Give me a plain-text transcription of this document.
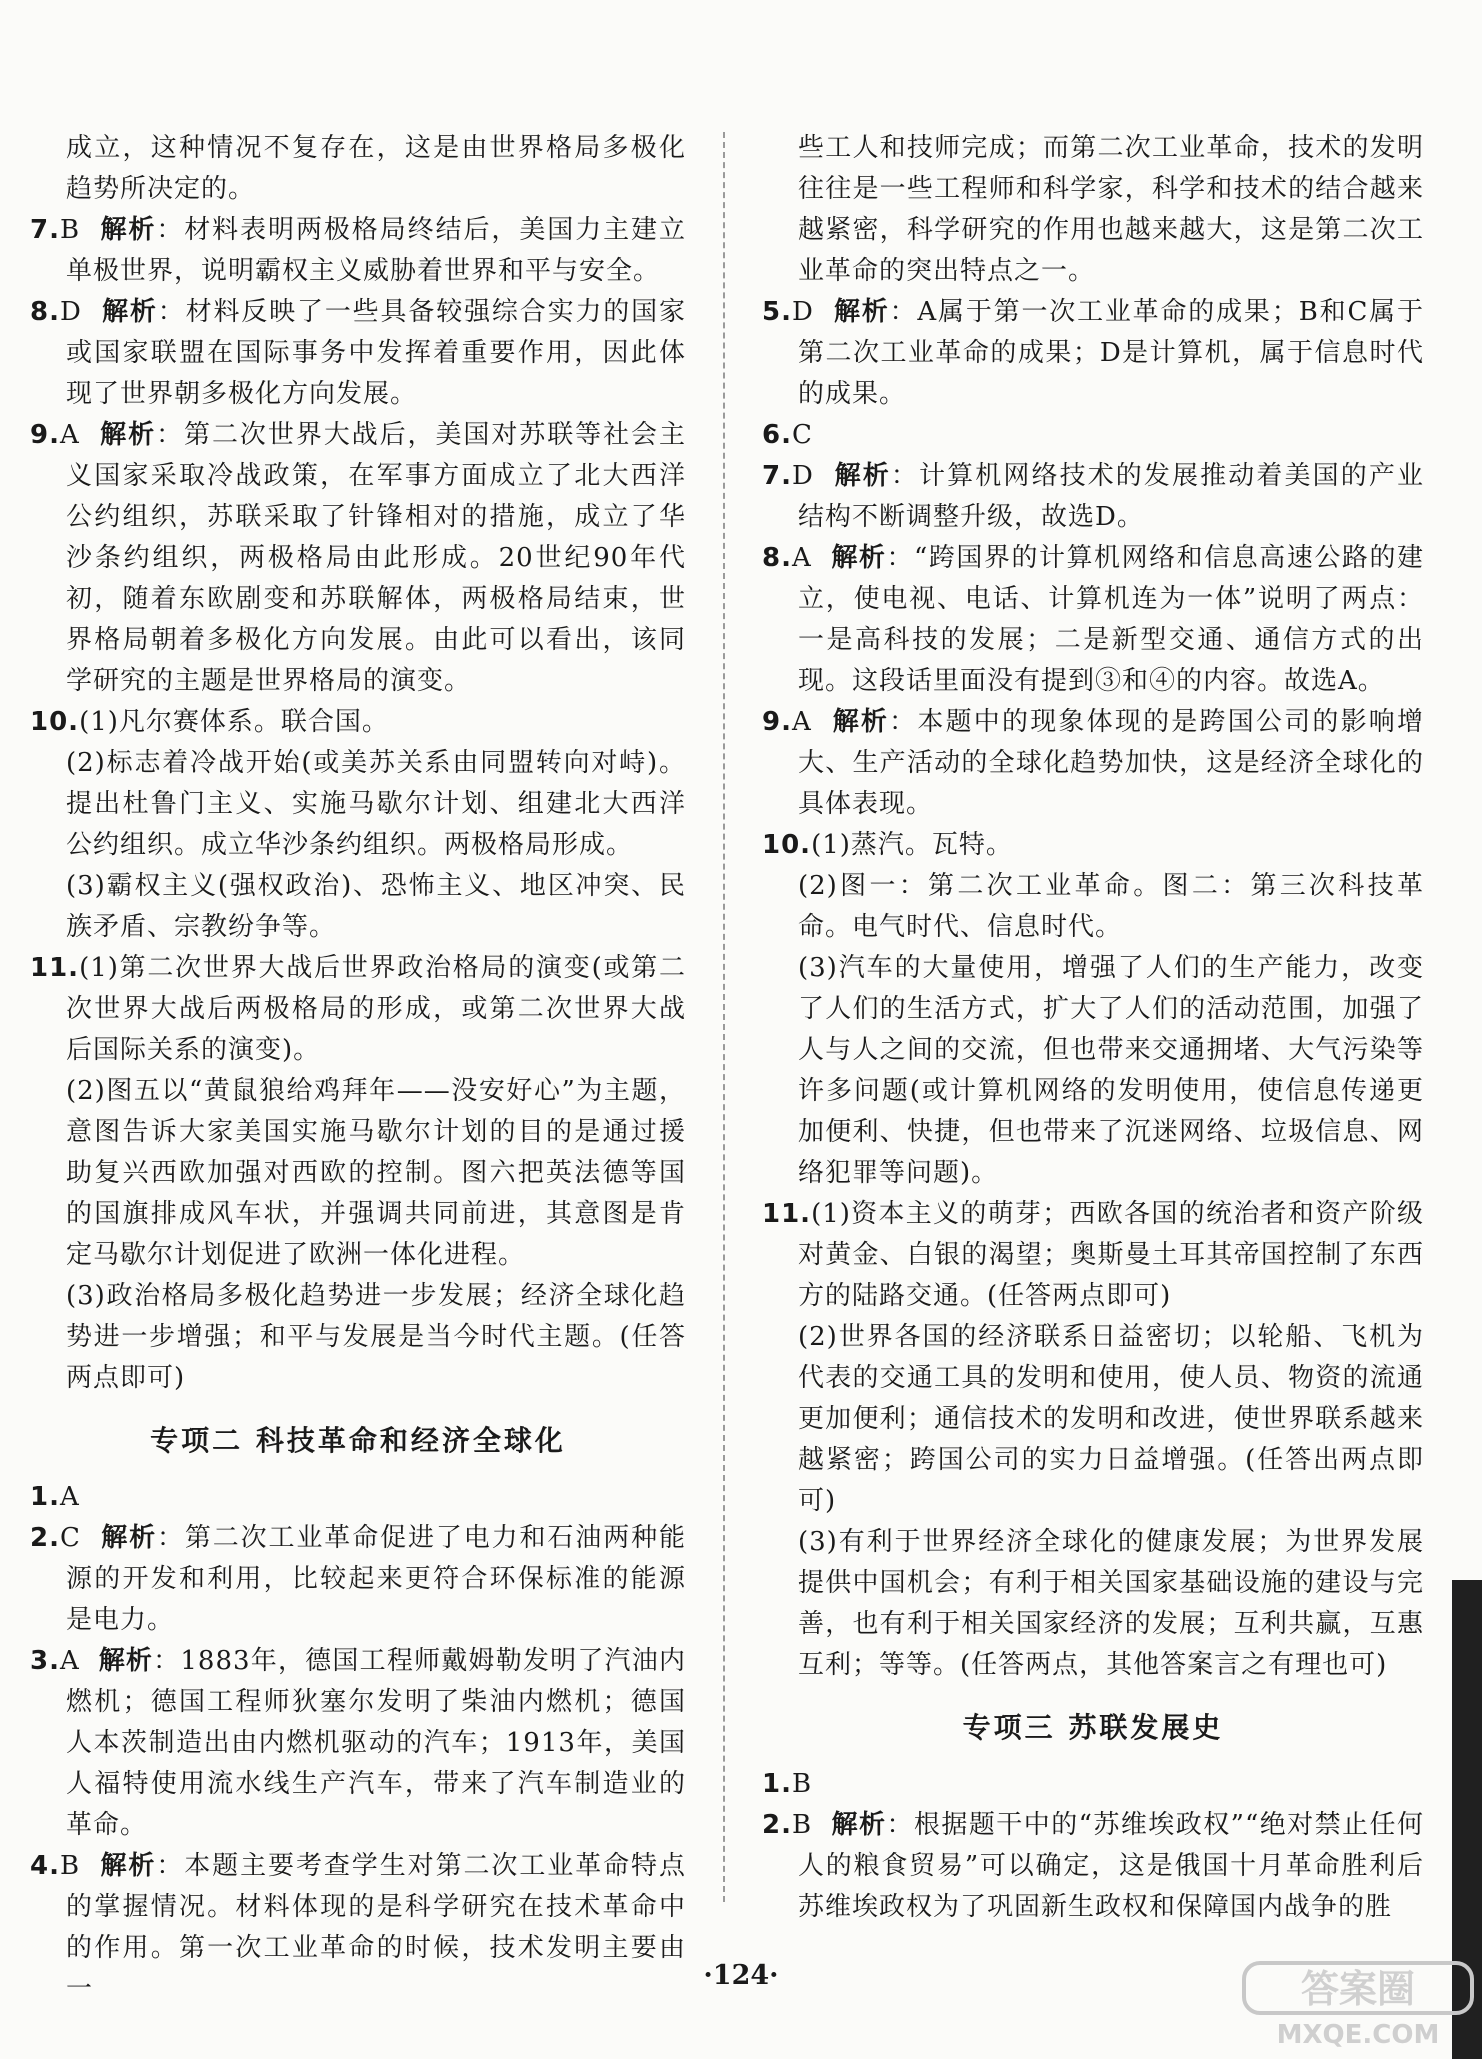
成立，这种情况不复存在，这是由世界格局多极化趋势所决定的。

7.B 解析：材料表明两极格局终结后，美国力主建立单极世界，说明霸权主义威胁着世界和平与安全。

8.D 解析：材料反映了一些具备较强综合实力的国家或国家联盟在国际事务中发挥着重要作用，因此体现了世界朝多极化方向发展。

9.A 解析：第二次世界大战后，美国对苏联等社会主义国家采取冷战政策，在军事方面成立了北大西洋公约组织，苏联采取了针锋相对的措施，成立了华沙条约组织，两极格局由此形成。20世纪90年代初，随着东欧剧变和苏联解体，两极格局结束，世界格局朝着多极化方向发展。由此可以看出，该同学研究的主题是世界格局的演变。

10.(1)凡尔赛体系。联合国。

(2)标志着冷战开始(或美苏关系由同盟转向对峙)。提出杜鲁门主义、实施马歇尔计划、组建北大西洋公约组织。成立华沙条约组织。两极格局形成。

(3)霸权主义(强权政治)、恐怖主义、地区冲突、民族矛盾、宗教纷争等。

11.(1)第二次世界大战后世界政治格局的演变(或第二次世界大战后两极格局的形成，或第二次世界大战后国际关系的演变)。

(2)图五以“黄鼠狼给鸡拜年——没安好心”为主题，意图告诉大家美国实施马歇尔计划的目的是通过援助复兴西欧加强对西欧的控制。图六把英法德等国的国旗排成风车状，并强调共同前进，其意图是肯定马歇尔计划促进了欧洲一体化进程。

(3)政治格局多极化趋势进一步发展；经济全球化趋势进一步增强；和平与发展是当今时代主题。(任答两点即可)

专项二 科技革命和经济全球化

1.A

2.C 解析：第二次工业革命促进了电力和石油两种能源的开发和利用，比较起来更符合环保标准的能源是电力。

3.A 解析：1883年，德国工程师戴姆勒发明了汽油内燃机；德国工程师狄塞尔发明了柴油内燃机；德国人本茨制造出由内燃机驱动的汽车；1913年，美国人福特使用流水线生产汽车，带来了汽车制造业的革命。

4.B 解析：本题主要考查学生对第二次工业革命特点的掌握情况。材料体现的是科学研究在技术革命中的作用。第一次工业革命的时候，技术发明主要由一

些工人和技师完成；而第二次工业革命，技术的发明往往是一些工程师和科学家，科学和技术的结合越来越紧密，科学研究的作用也越来越大，这是第二次工业革命的突出特点之一。

5.D 解析：A属于第一次工业革命的成果；B和C属于第二次工业革命的成果；D是计算机，属于信息时代的成果。

6.C

7.D 解析：计算机网络技术的发展推动着美国的产业结构不断调整升级，故选D。

8.A 解析：“跨国界的计算机网络和信息高速公路的建立，使电视、电话、计算机连为一体”说明了两点：一是高科技的发展；二是新型交通、通信方式的出现。这段话里面没有提到③和④的内容。故选A。

9.A 解析：本题中的现象体现的是跨国公司的影响增大、生产活动的全球化趋势加快，这是经济全球化的具体表现。

10.(1)蒸汽。瓦特。

(2)图一：第二次工业革命。图二：第三次科技革命。电气时代、信息时代。

(3)汽车的大量使用，增强了人们的生产能力，改变了人们的生活方式，扩大了人们的活动范围，加强了人与人之间的交流，但也带来交通拥堵、大气污染等许多问题(或计算机网络的发明使用，使信息传递更加便利、快捷，但也带来了沉迷网络、垃圾信息、网络犯罪等问题)。

11.(1)资本主义的萌芽；西欧各国的统治者和资产阶级对黄金、白银的渴望；奥斯曼土耳其帝国控制了东西方的陆路交通。(任答两点即可)

(2)世界各国的经济联系日益密切；以轮船、飞机为代表的交通工具的发明和使用，使人员、物资的流通更加便利；通信技术的发明和改进，使世界联系越来越紧密；跨国公司的实力日益增强。(任答出两点即可)

(3)有利于世界经济全球化的健康发展；为世界发展提供中国机会；有利于相关国家基础设施的建设与完善，也有利于相关国家经济的发展；互利共赢，互惠互利；等等。(任答两点，其他答案言之有理也可)

专项三 苏联发展史

1.B

2.B 解析：根据题干中的“苏维埃政权”“绝对禁止任何人的粮食贸易”可以确定，这是俄国十月革命胜利后苏维埃政权为了巩固新生政权和保障国内战争的胜

·124·	答案圈
MXQE.COM
